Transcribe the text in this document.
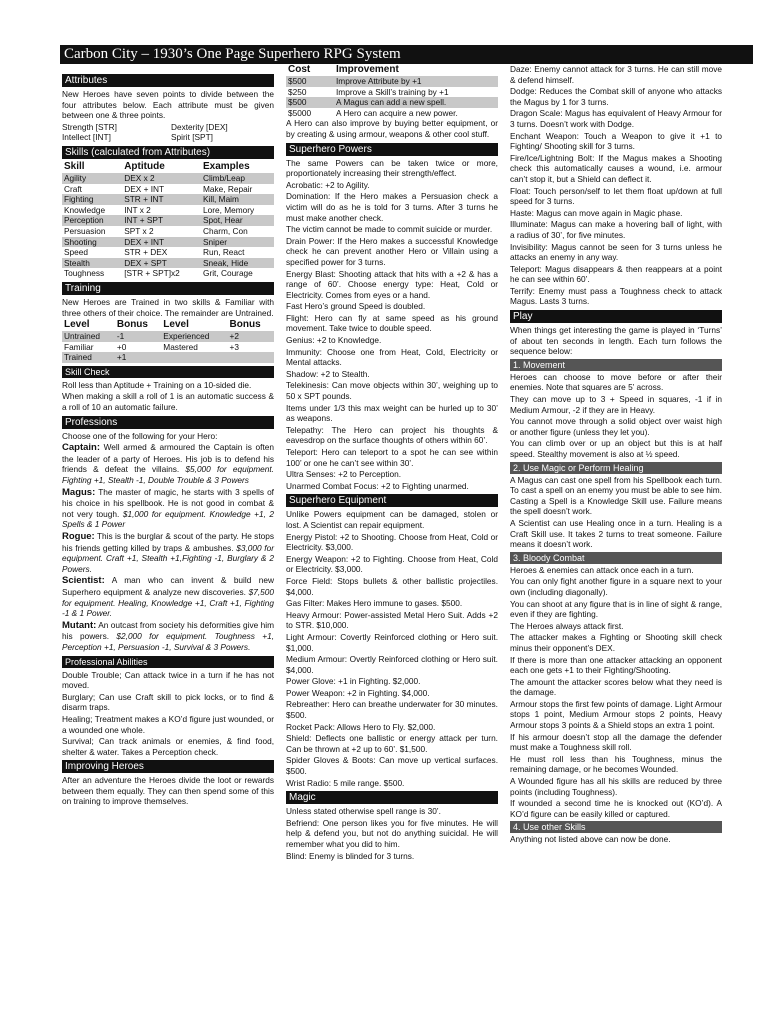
Carbon City – 1930’s One Page Superhero RPG System
Attributes

New Heroes have seven points to divide between the four attributes below. Each attribute must be given between one & three points.

Strength [STR]	Dexterity [DEX]
Intellect [INT]	Spirit [SPT]
Skills (calculated from Attributes)
Skill	Aptitude	Examples
Agility	DEX x 2	Climb/Leap
Craft	DEX + INT	Make, Repair
Fighting	STR + INT	Kill, Maim
Knowledge	INT x 2	Lore, Memory
Perception	INT + SPT	Spot, Hear
Persuasion	SPT x 2	Charm, Con
Shooting	DEX + INT	Sniper
Speed	STR + DEX	Run, React
Stealth	DEX + SPT	Sneak, Hide
Toughness	[STR + SPT]x2	Grit, Courage
Training

New Heroes are Trained in two skills & Familiar with three others of their choice. The remainder are Untrained.

Level	Bonus	Level	Bonus
Untrained	-1	Experienced	+2
Familiar	+0	Mastered	+3
Trained	+1		
Skill Check

Roll less than Aptitude + Training on a 10-sided die.

When making a skill a roll of 1 is an automatic success & a roll of 10 an automatic failure.

Professions

Choose one of the following for your Hero:

Captain: Well armed & armoured the Captain is often the leader of a party of Heroes. His job is to defend his friends & defeat the villains. $5,000 for equipment. Fighting +1, Stealth -1, Double Trouble & 3 Powers

Magus: The master of magic, he starts with 3 spells of his choice in his spellbook. He is not good in combat & not very tough. $1,000 for equipment. Knowledge +1, 2 Spells & 1 Power

Rogue: This is the burglar & scout of the party. He stops his friends getting killed by traps & ambushes. $3,000 for equipment. Craft +1, Stealth +1,Fighting -1, Burglary & 2 Powers.

Scientist: A man who can invent & build new Superhero equipment & analyze new discoveries. $7,500 for equipment. Healing, Knowledge +1, Craft +1, Fighting -1 & 1 Power.

Mutant: An outcast from society his deformities give him his powers. $2,000 for equipment. Toughness +1, Perception +1, Persuasion -1, Survival & 3 Powers.

Professional Abilities

Double Trouble; Can attack twice in a turn if he has not moved.

Burglary; Can use Craft skill to pick locks, or to find & disarm traps.

Healing; Treatment makes a KO’d figure just wounded, or a wounded one whole.

Survival; Can track animals or enemies, & find food, shelter & water. Takes a Perception check.

Improving Heroes

After an adventure the Heroes divide the loot or rewards between them equally. They can then spend some of this on training to improve themselves.

Cost	Improvement
$500	Improve Attribute by +1
$250	Improve a Skill’s training by +1
$500	A Magus can add a new spell.
$5000	A Hero can acquire a new power.

A Hero can also improve by buying better equipment, or by creating & using armour, weapons & other cool stuff.

Superhero Powers

The same Powers can be taken twice or more, proportionately increasing their strength/effect.

Acrobatic: +2 to Agility.

Domination: If the Hero makes a Persuasion check a victim will do as he is told for 3 turns. After 3 turns he must make another check.

The victim cannot be made to commit suicide or murder.

Drain Power: If the Hero makes a successful Knowledge check he can prevent another Hero or Villain using a specified power for 3 turns.

Energy Blast: Shooting attack that hits with a +2 & has a range of 60’. Choose energy type: Heat, Cold or Electricity. Comes from eyes or a hand.

Fast Hero’s ground Speed is doubled.

Flight: Hero can fly at same speed as his ground movement. Take twice to double speed.

Genius: +2 to Knowledge.

Immunity: Choose one from Heat, Cold, Electricity or Mental attacks.

Shadow: +2 to Stealth.

Telekinesis: Can move objects within 30’, weighing up to 50 x SPT pounds.

Items under 1/3 this max weight can be hurled up to 30’ as weapons.

Telepathy: The Hero can project his thoughts & eavesdrop on the surface thoughts of others within 60’.

Teleport: Hero can teleport to a spot he can see within 100’ or one he can’t see within 30’.

Ultra Senses: +2 to Perception.

Unarmed Combat Focus: +2 to Fighting unarmed.

Superhero Equipment

Unlike Powers equipment can be damaged, stolen or lost. A Scientist can repair equipment.

Energy Pistol: +2 to Shooting. Choose from Heat, Cold or Electricity. $3,000.

Energy Weapon: +2 to Fighting. Choose from Heat, Cold or Electricity. $3,000.

Force Field: Stops bullets & other ballistic projectiles. $4,000.

Gas Filter: Makes Hero immune to gases. $500.

Heavy Armour: Power-assisted Metal Hero Suit. Adds +2 to STR. $10,000.

Light Armour: Covertly Reinforced clothing or Hero suit. $1,000.

Medium Armour: Overtly Reinforced clothing or Hero suit. $4,000.

Power Glove: +1 in Fighting. $2,000.

Power Weapon: +2 in Fighting. $4,000.

Rebreather: Hero can breathe underwater for 30 minutes. $500.

Rocket Pack: Allows Hero to Fly. $2,000.

Shield: Deflects one ballistic or energy attack per turn. Can be thrown at +2 up to 60’. $1,500.

Spider Gloves & Boots: Can move up vertical surfaces. $500.

Wrist Radio: 5 mile range. $500.

Magic

Unless stated otherwise spell range is 30’.

Befriend: One person likes you for five minutes. He will help & defend you, but not do anything suicidal. He will remember what you did to him.

Blind: Enemy is blinded for 3 turns.

Daze: Enemy cannot attack for 3 turns. He can still move & defend himself.

Dodge: Reduces the Combat skill of anyone who attacks the Magus by 1 for 3 turns.

Dragon Scale: Magus has equivalent of Heavy Armour for 3 turns. Doesn’t work with Dodge.

Enchant Weapon: Touch a Weapon to give it +1 to Fighting/ Shooting skill for 3 turns.

Fire/Ice/Lightning Bolt: If the Magus makes a Shooting check this automatically causes a wound, i.e. armour can’t stop it, but a Shield can deflect it.

Float: Touch person/self to let them float up/down at full speed for 3 turns.

Haste: Magus can move again in Magic phase.

Illuminate: Magus can make a hovering ball of light, with a radius of 30’, for five minutes.

Invisibility: Magus cannot be seen for 3 turns unless he attacks an enemy in any way.

Teleport: Magus disappears & then reappears at a point he can see within 60’.

Terrify: Enemy must pass a Toughness check to attack Magus. Lasts 3 turns.

Play

When things get interesting the game is played in ‘Turns’ of about ten seconds in length. Each turn follows the sequence below:

1. Movement

Heroes can choose to move before or after their enemies. Note that squares are 5’ across.

They can move up to 3 + Speed in squares, -1 if in Medium Armour, -2 if they are in Heavy.

You cannot move through a solid object over waist high or another figure (unless they let you).

You can climb over or up an object but this is at half speed. Stealthy movement is also at ½ speed.

2. Use Magic or Perform Healing

A Magus can cast one spell from his Spellbook each turn. To cast a spell on an enemy you must be able to see him. Casting a Spell is a Knowledge Skill use. Failure means the spell doesn’t work.

A Scientist can use Healing once in a turn. Healing is a Craft Skill use. It takes 2 turns to treat someone. Failure means it doesn’t work.

3. Bloody Combat

Heroes & enemies can attack once each in a turn.

You can only fight another figure in a square next to your own (including diagonally).

You can shoot at any figure that is in line of sight & range, even if they are fighting.

The Heroes always attack first.

The attacker makes a Fighting or Shooting skill check minus their opponent’s DEX.

If there is more than one attacker attacking an opponent each one gets +1 to their Fighting/Shooting.

The amount the attacker scores below what they need is the damage.

Armour stops the first few points of damage. Light Armour stops 1 point, Medium Armour stops 2 points, Heavy Armour stops 3 points & a Shield stops an extra 1 point.

If his armour doesn’t stop all the damage the defender must make a Toughness skill roll.

He must roll less than his Toughness, minus the remaining damage, or he becomes Wounded.

A Wounded figure has all his skills are reduced by three points (including Toughness).

If wounded a second time he is knocked out (KO’d). A KO’d figure can be easily killed or captured.

4. Use other Skills

Anything not listed above can now be done.
